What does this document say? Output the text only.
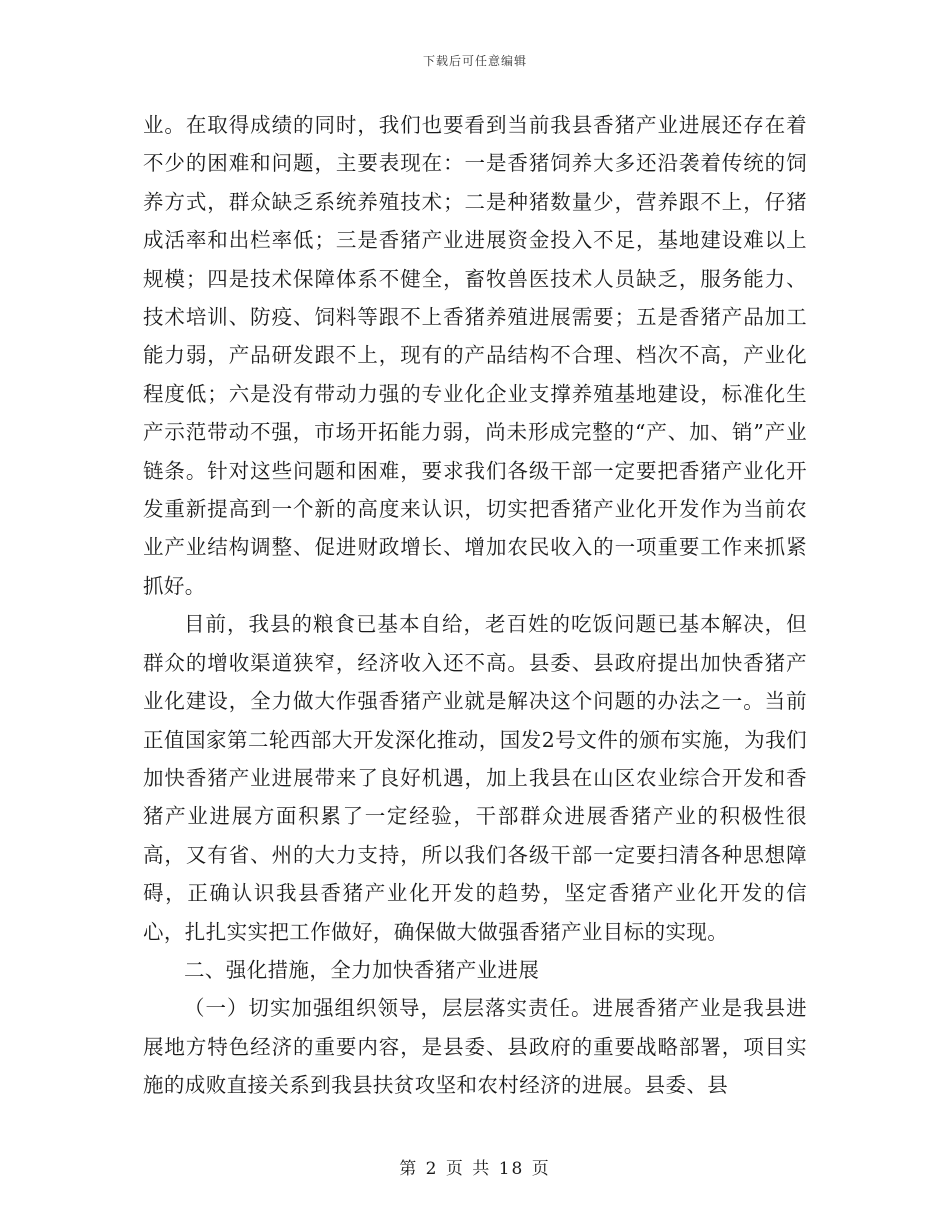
下载后可任意编辑

业。在取得成绩的同时，我们也要看到当前我县香猪产业进展还存在着不少的困难和问题，主要表现在：一是香猪饲养大多还沿袭着传统的饲养方式，群众缺乏系统养殖技术；二是种猪数量少，营养跟不上，仔猪成活率和出栏率低；三是香猪产业进展资金投入不足，基地建设难以上规模；四是技术保障体系不健全，畜牧兽医技术人员缺乏，服务能力、技术培训、防疫、饲料等跟不上香猪养殖进展需要；五是香猪产品加工能力弱，产品研发跟不上，现有的产品结构不合理、档次不高，产业化程度低；六是没有带动力强的专业化企业支撑养殖基地建设，标准化生产示范带动不强，市场开拓能力弱，尚未形成完整的“产、加、销”产业链条。针对这些问题和困难，要求我们各级干部一定要把香猪产业化开发重新提高到一个新的高度来认识，切实把香猪产业化开发作为当前农业产业结构调整、促进财政增长、增加农民收入的一项重要工作来抓紧抓好。

目前，我县的粮食已基本自给，老百姓的吃饭问题已基本解决，但群众的增收渠道狭窄，经济收入还不高。县委、县政府提出加快香猪产业化建设，全力做大作强香猪产业就是解决这个问题的办法之一。当前正值国家第二轮西部大开发深化推动，国发2号文件的颁布实施，为我们加快香猪产业进展带来了良好机遇，加上我县在山区农业综合开发和香猪产业进展方面积累了一定经验，干部群众进展香猪产业的积极性很高，又有省、州的大力支持，所以我们各级干部一定要扫清各种思想障碍，正确认识我县香猪产业化开发的趋势，坚定香猪产业化开发的信心，扎扎实实把工作做好，确保做大做强香猪产业目标的实现。

二、强化措施，全力加快香猪产业进展

（一）切实加强组织领导，层层落实责任。进展香猪产业是我县进展地方特色经济的重要内容，是县委、县政府的重要战略部署，项目实施的成败直接关系到我县扶贫攻坚和农村经济的进展。县委、县

第 2 页 共 18 页
